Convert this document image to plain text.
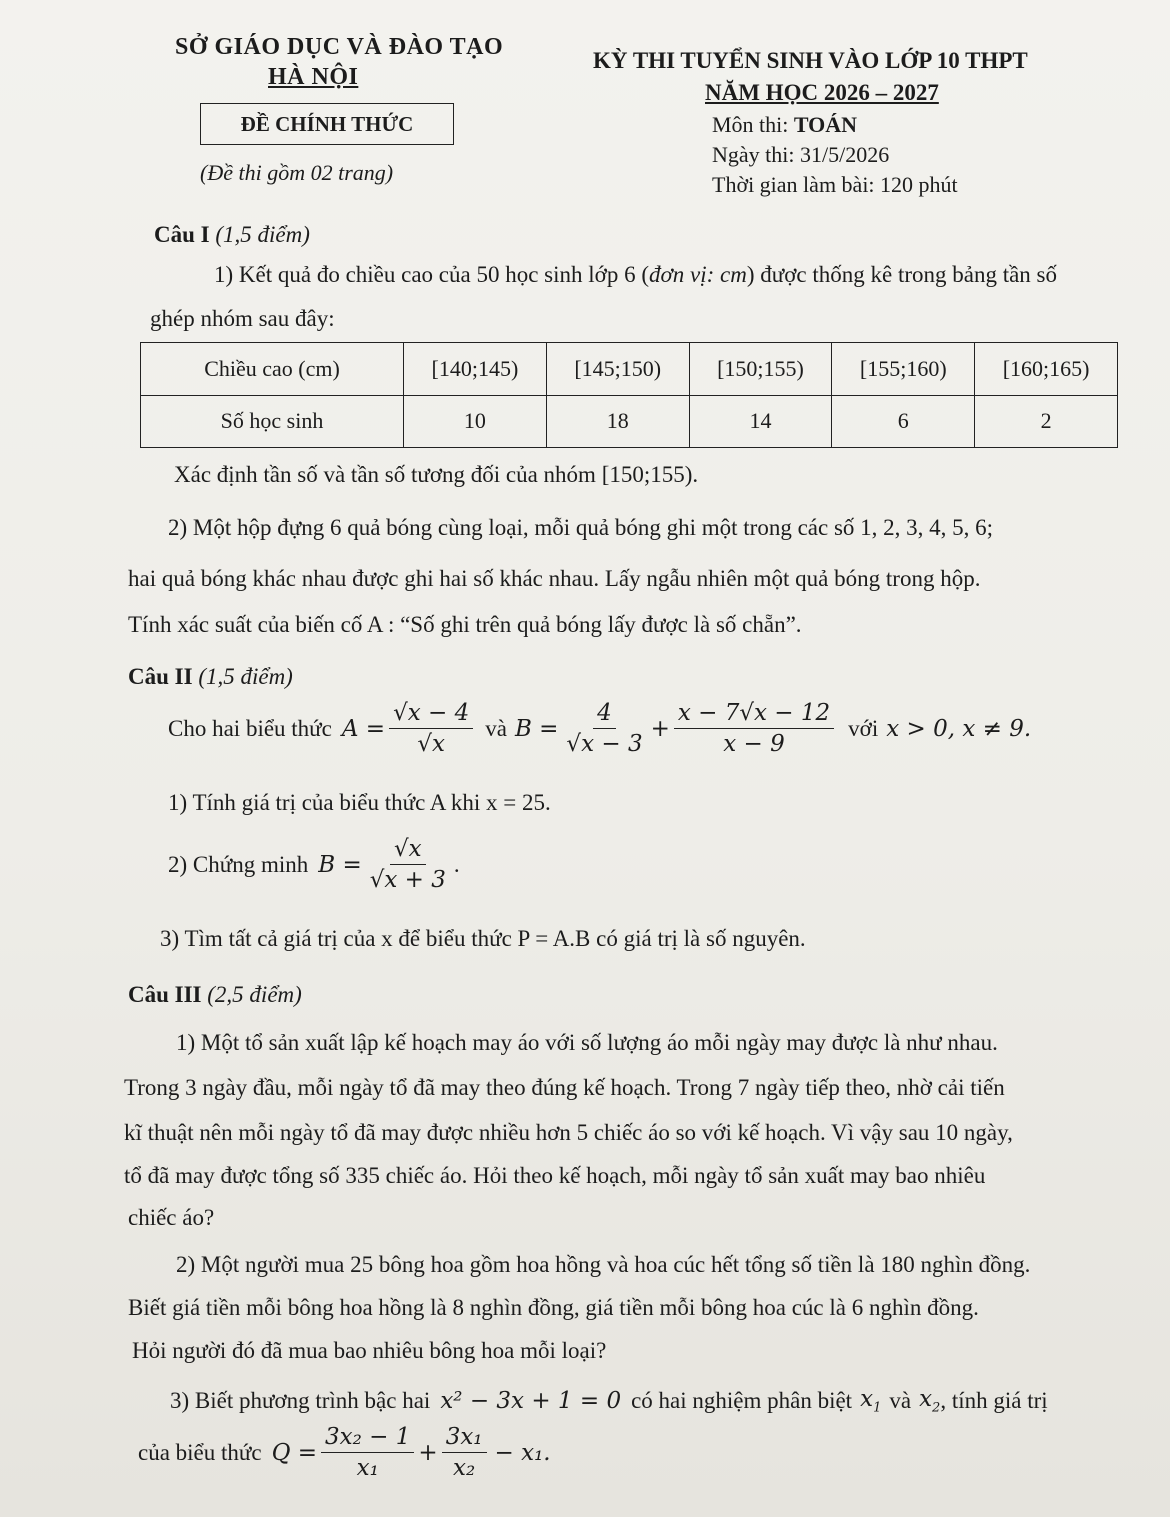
SỞ GIÁO DỤC VÀ ĐÀO TẠO
HÀ NỘI
ĐỀ CHÍNH THỨC
(Đề thi gồm 02 trang)
KỲ THI TUYỂN SINH VÀO LỚP 10 THPT
NĂM HỌC 2026 – 2027
Môn thi: TOÁN
Ngày thi: 31/5/2026
Thời gian làm bài: 120 phút
Câu I (1,5 điểm)
1) Kết quả đo chiều cao của 50 học sinh lớp 6 (đơn vị: cm) được thống kê trong bảng tần số
ghép nhóm sau đây:
Chiều cao (cm)	[140;145)	[145;150)	[150;155)	[155;160)	[160;165)
Số học sinh	10	18	14	6	2
Xác định tần số và tần số tương đối của nhóm [150;155).
2) Một hộp đựng 6 quả bóng cùng loại, mỗi quả bóng ghi một trong các số 1, 2, 3, 4, 5, 6;
hai quả bóng khác nhau được ghi hai số khác nhau. Lấy ngẫu nhiên một quả bóng trong hộp.
Tính xác suất của biến cố A : “Số ghi trên quả bóng lấy được là số chẵn”.
Câu II (1,5 điểm)
Cho hai biểu thức $A = \frac{√x - 4}{√x}$ và $B = \frac{4}{√x - 3} + \frac{x - 7√x - 12}{x - 9}$ với x > 0, x ≠ 9.
1) Tính giá trị của biểu thức A khi x = 25.
2) Chứng minh $B = \frac{√x}{√x + 3}$ .
3) Tìm tất cả giá trị của x để biểu thức P = A.B có giá trị là số nguyên.
Câu III (2,5 điểm)
1) Một tổ sản xuất lập kế hoạch may áo với số lượng áo mỗi ngày may được là như nhau.
Trong 3 ngày đầu, mỗi ngày tổ đã may theo đúng kế hoạch. Trong 7 ngày tiếp theo, nhờ cải tiến
kĩ thuật nên mỗi ngày tổ đã may được nhiều hơn 5 chiếc áo so với kế hoạch. Vì vậy sau 10 ngày,
tổ đã may được tổng số 335 chiếc áo. Hỏi theo kế hoạch, mỗi ngày tổ sản xuất may bao nhiêu
chiếc áo?
2) Một người mua 25 bông hoa gồm hoa hồng và hoa cúc hết tổng số tiền là 180 nghìn đồng.
Biết giá tiền mỗi bông hoa hồng là 8 nghìn đồng, giá tiền mỗi bông hoa cúc là 6 nghìn đồng.
Hỏi người đó đã mua bao nhiêu bông hoa mỗi loại?
3) Biết phương trình bậc hai x² − 3x + 1 = 0 có hai nghiệm phân biệt $x_1$ và $x_2$ , tính giá trị
của biểu thức $Q = \frac{\text{3x₂ − 1}}{\text{x₁}} + \frac{\text{3x₁}}{\text{x₂}} - x_1$.
